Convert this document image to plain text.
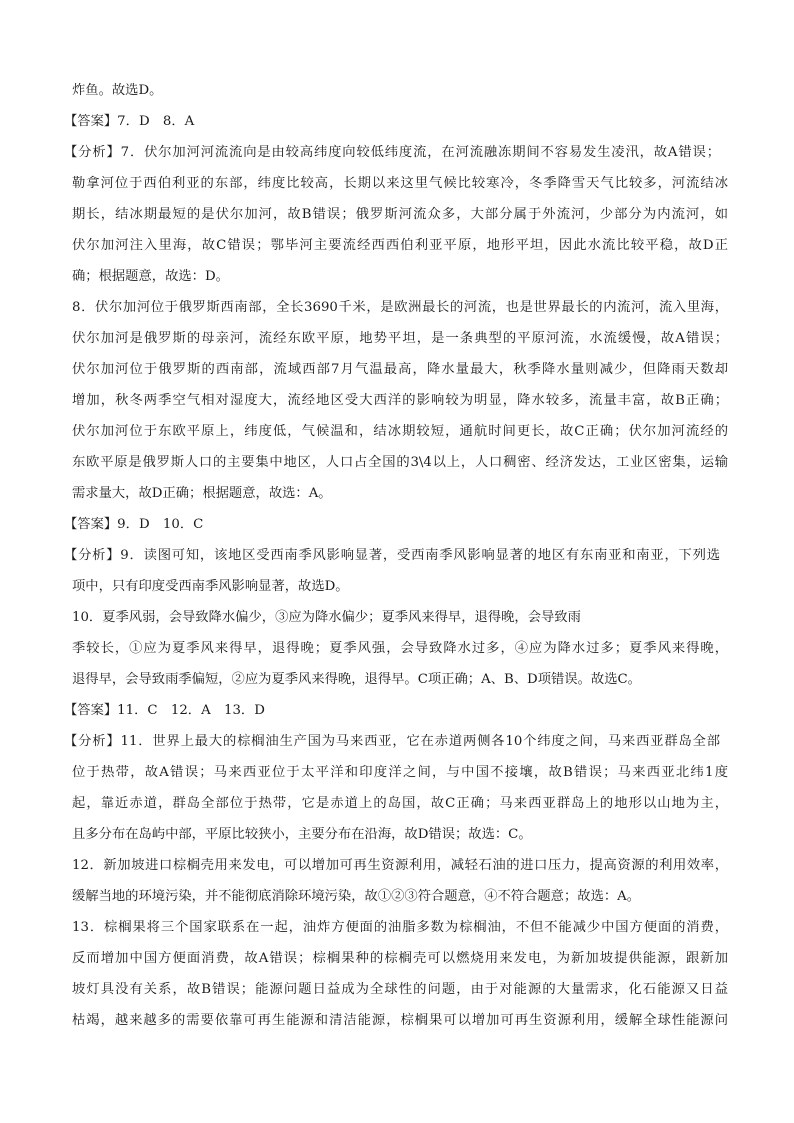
炸鱼。故选D。
【答案】7．D　8．A
【分析】7．伏尔加河河流流向是由较高纬度向较低纬度流，在河流融冻期间不容易发生凌汛，故A错误；
勒拿河位于西伯利亚的东部，纬度比较高，长期以来这里气候比较寒冷，冬季降雪天气比较多，河流结冰
期长，结冰期最短的是伏尔加河，故B错误；俄罗斯河流众多，大部分属于外流河，少部分为内流河，如
伏尔加河注入里海，故C错误；鄂毕河主要流经西西伯利亚平原，地形平坦，因此水流比较平稳，故D正
确；根据题意，故选：D。
8．伏尔加河位于俄罗斯西南部，全长3690千米，是欧洲最长的河流，也是世界最长的内流河，流入里海，
伏尔加河是俄罗斯的母亲河，流经东欧平原，地势平坦，是一条典型的平原河流，水流缓慢，故A错误；
伏尔加河位于俄罗斯的西南部，流域西部7月气温最高，降水量最大，秋季降水量则减少，但降雨天数却
增加，秋冬两季空气相对湿度大，流经地区受大西洋的影响较为明显，降水较多，流量丰富，故B正确；
伏尔加河位于东欧平原上，纬度低，气候温和，结冰期较短，通航时间更长，故C正确；伏尔加河流经的
东欧平原是俄罗斯人口的主要集中地区，人口占全国的3\4以上，人口稠密、经济发达，工业区密集，运输
需求量大，故D正确；根据题意，故选：A。
【答案】9．D　10．C
【分析】9．读图可知，该地区受西南季风影响显著，受西南季风影响显著的地区有东南亚和南亚，下列选
项中，只有印度受西南季风影响显著，故选D。
10．夏季风弱，会导致降水偏少，③应为降水偏少；夏季风来得早，退得晚，会导致雨
季较长，①应为夏季风来得早，退得晚；夏季风强，会导致降水过多，④应为降水过多；夏季风来得晚，
退得早，会导致雨季偏短，②应为夏季风来得晚，退得早。C项正确；A、B、D项错误。故选C。
【答案】11．C　12．A　13．D
【分析】11．世界上最大的棕榈油生产国为马来西亚，它在赤道两侧各10个纬度之间，马来西亚群岛全部
位于热带，故A错误；马来西亚位于太平洋和印度洋之间，与中国不接壤，故B错误；马来西亚北纬1度
起，靠近赤道，群岛全部位于热带，它是赤道上的岛国，故C正确；马来西亚群岛上的地形以山地为主，
且多分布在岛屿中部，平原比较狭小，主要分布在沿海，故D错误；故选：C。
12．新加坡进口棕榈壳用来发电，可以增加可再生资源利用，减轻石油的进口压力，提高资源的利用效率，
缓解当地的环境污染，并不能彻底消除环境污染，故①②③符合题意，④不符合题意；故选：A。
13．棕榈果将三个国家联系在一起，油炸方便面的油脂多数为棕榈油，不但不能减少中国方便面的消费，
反而增加中国方便面消费，故A错误；棕榈果种的棕榈壳可以燃烧用来发电，为新加坡提供能源，跟新加
坡灯具没有关系，故B错误；能源问题日益成为全球性的问题，由于对能源的大量需求，化石能源又日益
枯竭，越来越多的需要依靠可再生能源和清洁能源，棕榈果可以增加可再生资源利用，缓解全球性能源问
